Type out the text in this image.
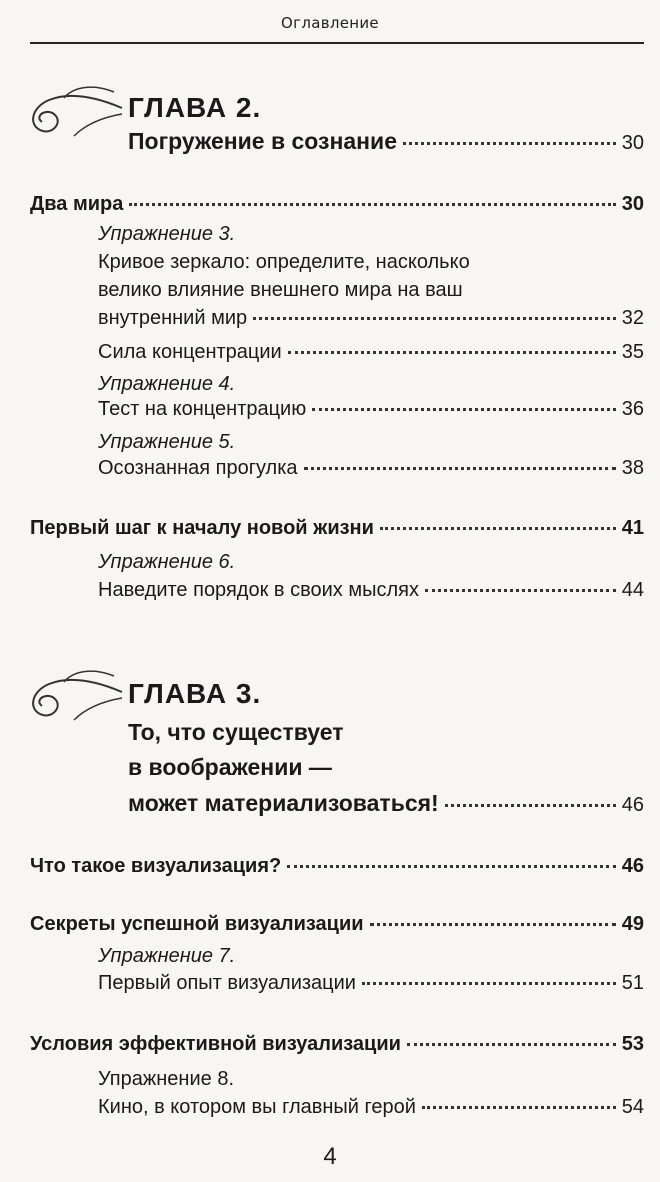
Оглавление
ГЛАВА 2.
Погружение в сознание	30
Два мира	30
Упражнение 3.
Кривое зеркало: определите, насколько
велико влияние внешнего мира на ваш
внутренний мир	32
Сила концентрации	35
Упражнение 4.
Тест на концентрацию	36
Упражнение 5.
Осознанная прогулка	38
Первый шаг к началу новой жизни	41
Упражнение 6.
Наведите порядок в своих мыслях	44
ГЛАВА 3.
То, что существует
в воображении —
может материализоваться!	46
Что такое визуализация?	46
Секреты успешной визуализации	49
Упражнение 7.
Первый опыт визуализации	51
Условия эффективной визуализации	53
Упражнение 8.
Кино, в котором вы главный герой	54
4
